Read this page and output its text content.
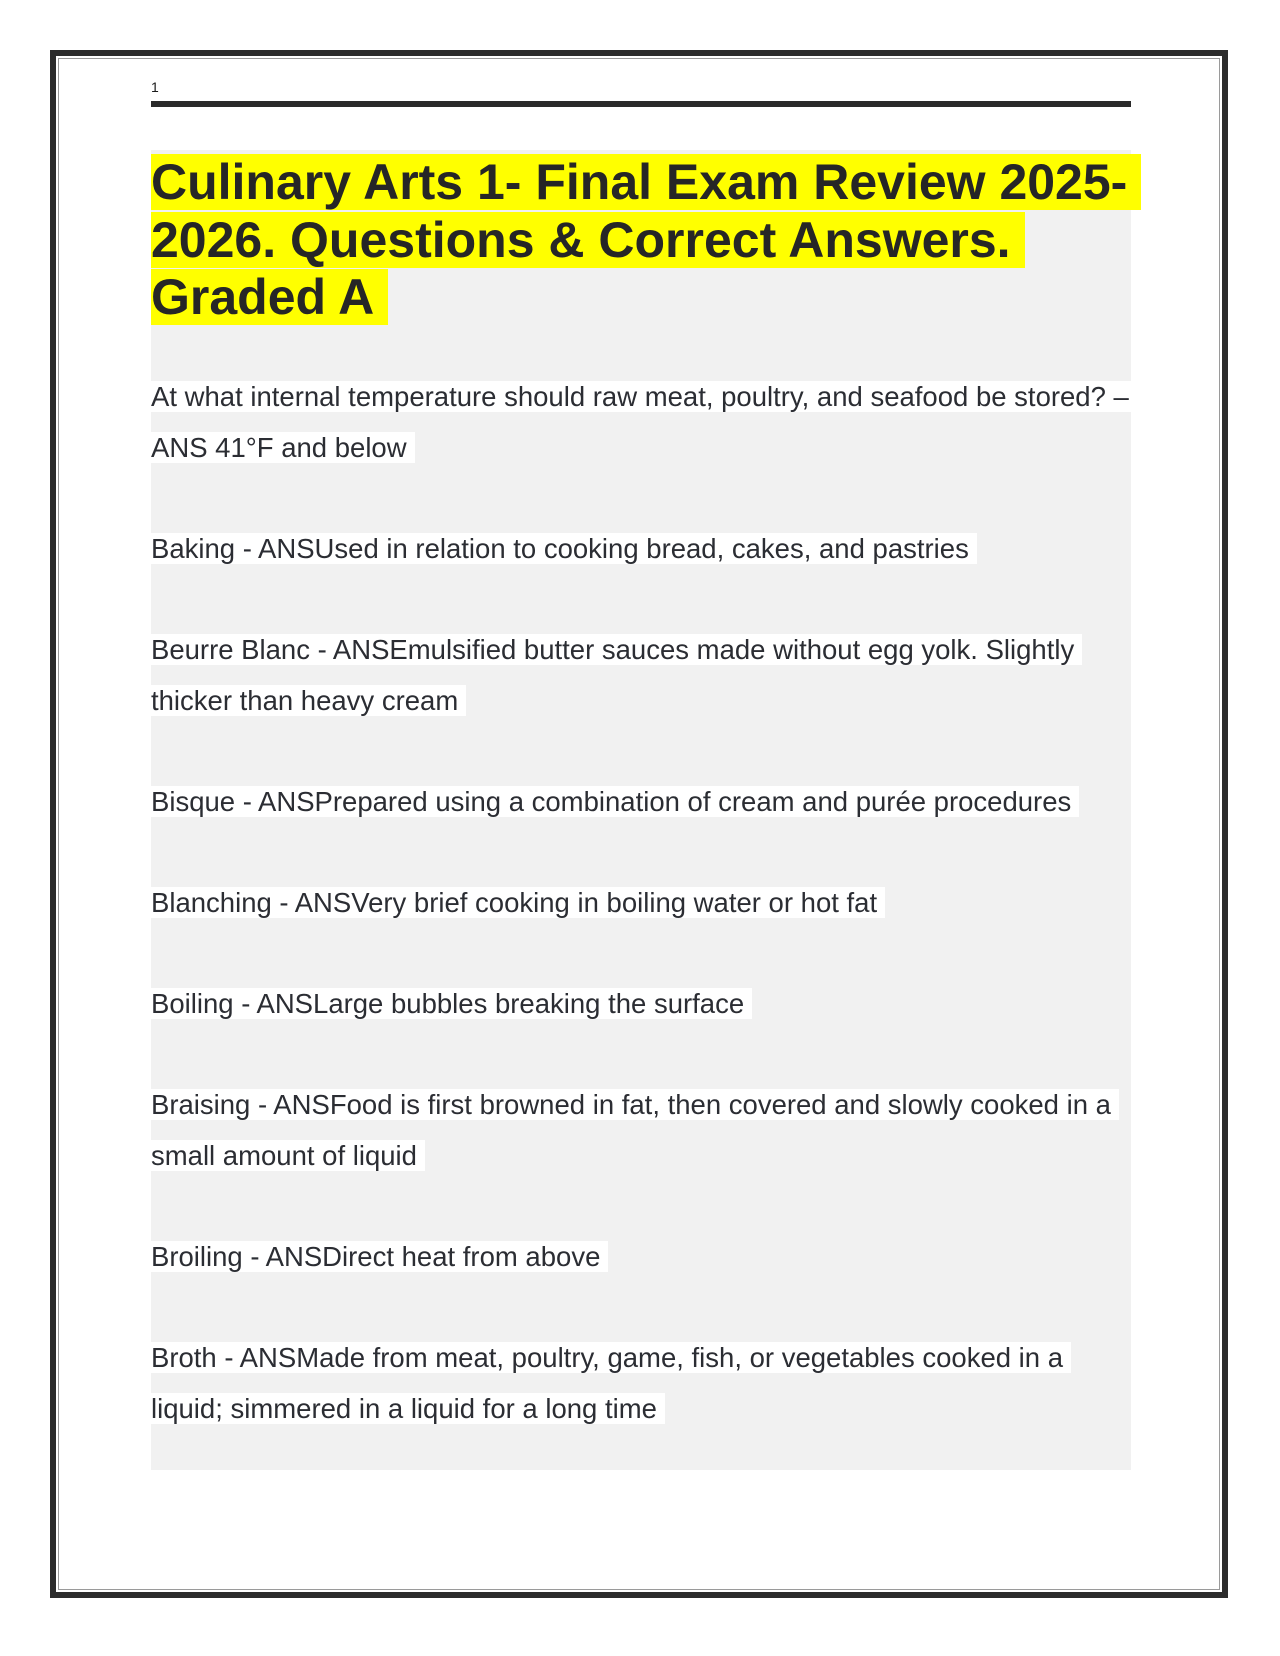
1
Culinary Arts 1- Final Exam Review 2025-2026. Questions & Correct Answers. Graded A

At what internal temperature should raw meat, poultry, and seafood be stored? – ANS 41°F and below

Baking - ANSUsed in relation to cooking bread, cakes, and pastries

Beurre Blanc - ANSEmulsified butter sauces made without egg yolk. Slightly thicker than heavy cream

Bisque - ANSPrepared using a combination of cream and purée procedures

Blanching - ANSVery brief cooking in boiling water or hot fat

Boiling - ANSLarge bubbles breaking the surface

Braising - ANSFood is first browned in fat, then covered and slowly cooked in a small amount of liquid

Broiling - ANSDirect heat from above

Broth - ANSMade from meat, poultry, game, fish, or vegetables cooked in a liquid; simmered in a liquid for a long time
